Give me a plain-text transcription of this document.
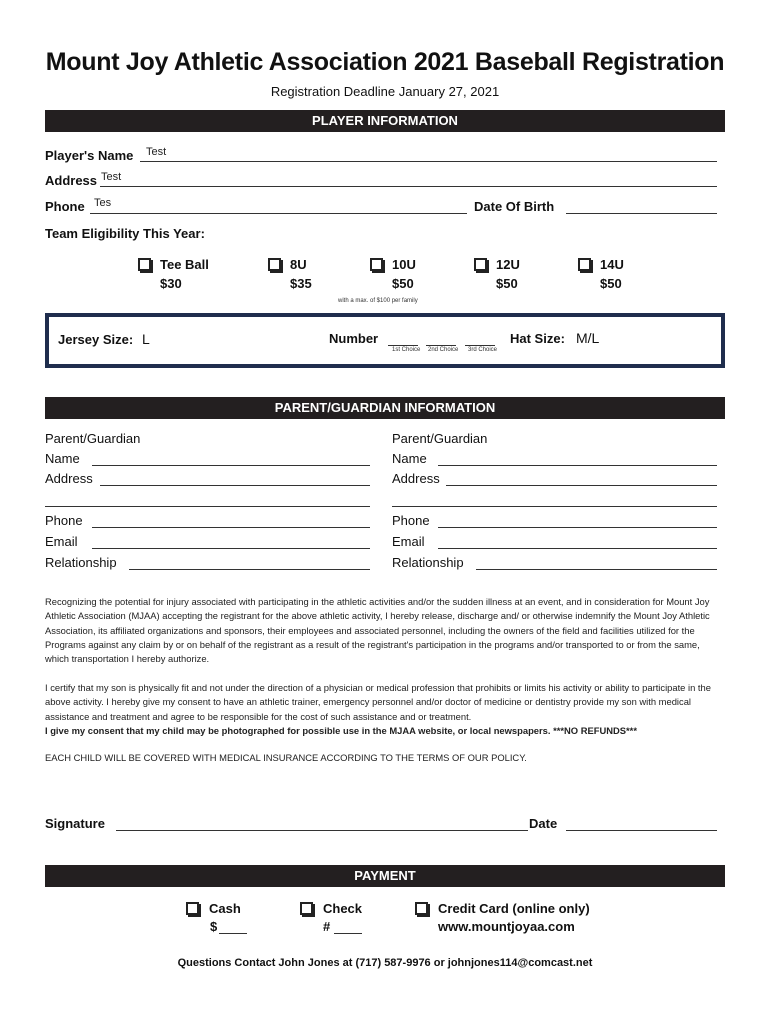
Mount Joy Athletic Association 2021 Baseball Registration
Registration Deadline January 27, 2021
PLAYER INFORMATION
Player's Name Test
Address Test
Phone Tes	Date Of Birth
Team Eligibility This Year:
Tee Ball
$30
8U
$35
10U
$50
12U
$50
14U
$50
with a max. of $100 per family
Jersey Size: L	Number
1st Choice 2nd Choice 3rd Choice
Hat Size: M/L
PARENT/GUARDIAN INFORMATION
Parent/Guardian
Name
Address
Phone
Email
Relationship
Parent/Guardian
Name
Address
Phone
Email
Relationship
Recognizing the potential for injury associated with participating in the athletic activities and/or the sudden illness at an event, and in consideration for Mount Joy Athletic Association (MJAA) accepting the registrant for the above athletic activity, I hereby release, discharge and/ or otherwise indemnify the Mount Joy Athletic Association, its affiliated organizations and sponsors, their employees and associated personnel, including the owners of the field and facilities utilized for the Programs against any claim by or on behalf of the registrant as a result of the registrant's participation in the programs and/or transported to or from the same, which transportation I hereby authorize.
I certify that my son is physically fit and not under the direction of a physician or medical profession that prohibits or limits his activity or ability to participate in the above activity. I hereby give my consent to have an athletic trainer, emergency personnel and/or doctor of medicine or dentistry provide my son with medical assistance and treatment and agree to be responsible for the cost of such assistance and or treatment.
I give my consent that my child may be photographed for possible use in the MJAA website, or local newspapers. ***NO REFUNDS***
EACH CHILD WILL BE COVERED WITH MEDICAL INSURANCE ACCORDING TO THE TERMS OF OUR POLICY.
Signature	Date
PAYMENT
Cash
$
Check
#
Credit Card (online only)
www.mountjoyaa.com
Questions Contact John Jones at (717) 587-9976 or johnjones114@comcast.net
